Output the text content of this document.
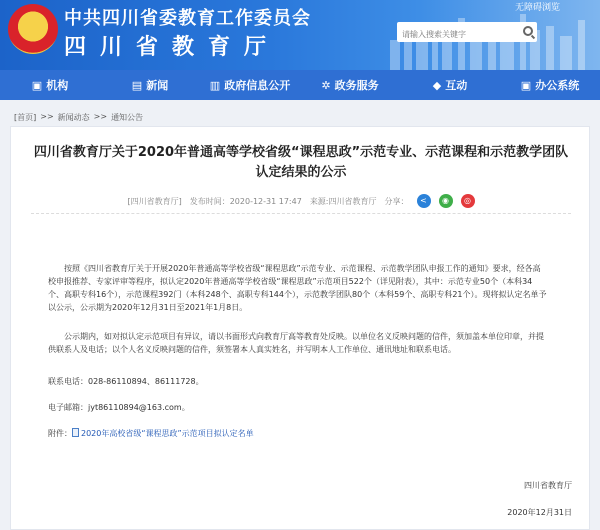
★	中共四川省委教育工作委员会
四川省教育厅
无障碍浏览
请输入搜索关键字
▣ 机构	▤ 新闻	▥ 政府信息公开	✲ 政务服务	◆ 互动	▣ 办公系统
[首页] >> 新闻动态 >> 通知公告
四川省教育厅关于2020年普通高等学校省级“课程思政”示范专业、示范课程和示范教学团队认定结果的公示
[四川省教育厅] 发布时间：2020-12-31 17:47 来源:四川省教育厅 分享：	<	◉	◎
按照《四川省教育厅关于开展2020年普通高等学校省级“课程思政”示范专业、示范课程、示范教学团队申报工作的通知》要求，经各高校申报推荐、专家评审等程序，拟认定2020年普通高等学校省级“课程思政”示范项目522个（详见附表），其中：示范专业50个（本科34个、高职专科16个），示范课程392门（本科248个、高职专科144个），示范教学团队80个（本科59个、高职专科21个）。现将拟认定名单予以公示，公示期为2020年12月31日至2021年1月8日。
公示期内，如对拟认定示范项目有异议，请以书面形式向教育厅高等教育处反映。以单位名义反映问题的信件，须加盖本单位印章，并提供联系人及电话；以个人名义反映问题的信件，须签署本人真实姓名，并写明本人工作单位、通讯地址和联系电话。
联系电话：028-86110894、86111728。
电子邮箱：jyt86110894@163.com。
附件： 2020年高校省级“课程思政”示范项目拟认定名单
四川省教育厅
2020年12月31日
